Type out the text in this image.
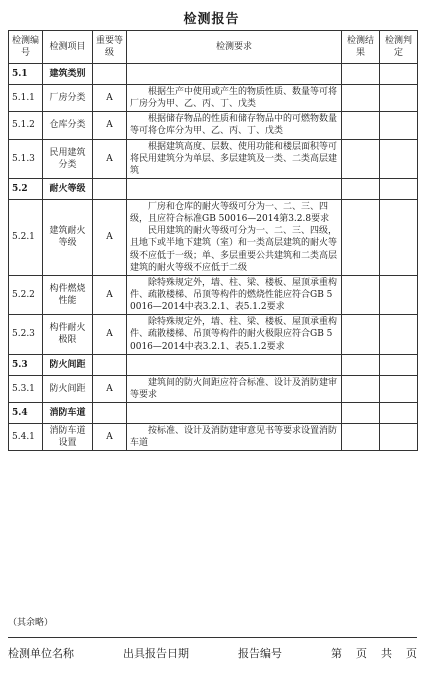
检测报告
检测编号	检测项目	重要等级	检测要求	检测结果	检测判定
5.1	建筑类别				
5.1.1	厂房分类	A	根据生产中使用或产生的物质性质、数量等可将厂房分为甲、乙、丙、丁、戊类		

5.1.2	仓库分类	A	根据储存物品的性质和储存物品中的可燃物数量等可将仓库分为甲、乙、丙、丁、戊类		

5.1.3	民用建筑分类	A	根据建筑高度、层数、使用功能和楼层面积等可将民用建筑分为单层、多层建筑及一类、二类高层建筑		

5.2	耐火等级				
5.2.1	建筑耐火等级	A	厂房和仓库的耐火等级可分为一、二、三、四级，且应符合标准GB 50016—2014第3.2.8要求
民用建筑的耐火等级可分为一、二、三、四级，且地下或半地下建筑（室）和一类高层建筑的耐火等级不应低于一级；单、多层重要公共建筑和二类高层建筑的耐火等级不应低于二级		

5.2.2	构件燃烧性能	A	除特殊规定外，墙、柱、梁、楼板、屋顶承重构件、疏散楼梯、吊顶等构件的燃烧性能应符合GB 50016—2014中表3.2.1、表5.1.2要求		

5.2.3	构件耐火极限	A	除特殊规定外，墙、柱、梁、楼板、屋顶承重构件、疏散楼梯、吊顶等构件的耐火极限应符合GB 50016—2014中表3.2.1、表5.1.2要求		

5.3	防火间距				
5.3.1	防火间距	A	建筑间的防火间距应符合标准、设计及消防建审等要求		

5.4	消防车道				
5.4.1	消防车道设置	A	按标准、设计及消防建审意见书等要求设置消防车道		

（其余略）
检测单位名称	出具报告日期	报告编号	第 页 共 页
